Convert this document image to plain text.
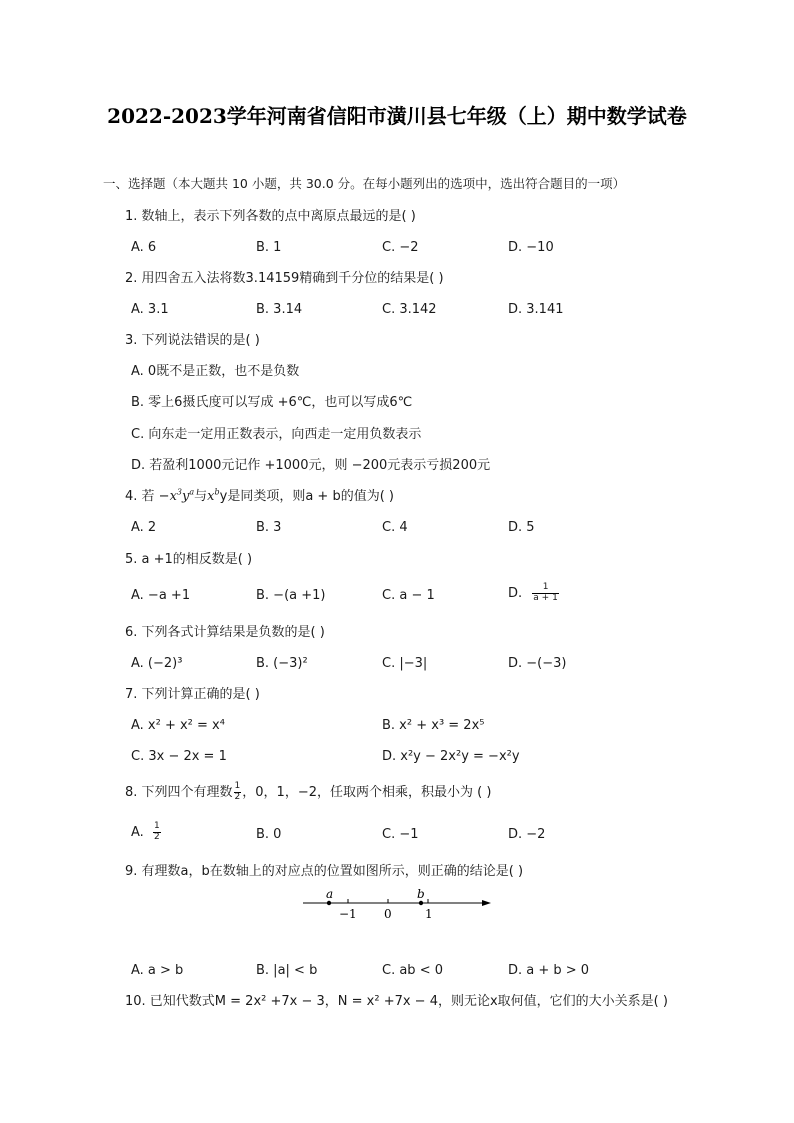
2022-2023学年河南省信阳市潢川县七年级（上）期中数学试卷
一、选择题（本大题共 10 小题，共 30.0 分。在每小题列出的选项中，选出符合题目的一项）
1. 数轴上，表示下列各数的点中离原点最远的是( )
A. 6	B. 1	C. −2	D. −10
2. 用四舍五入法将数3.14159精确到千分位的结果是( )
A. 3.1	B. 3.14	C. 3.142	D. 3.141
3. 下列说法错误的是( )
A. 0既不是正数，也不是负数
B. 零上6摄氏度可以写成 +6℃，也可以写成6℃
C. 向东走一定用正数表示，向西走一定用负数表示
D. 若盈利1000元记作 +1000元，则 −200元表示亏损200元
4. 若 $-x^3y^a$与$x^by$是同类项，则a + b的值为( )
A. 2	B. 3	C. 4	D. 5
5. a +1的相反数是( )
A. −a +1	B. −(a +1)	C. a − 1	D. $\frac{1}{a + 1}$
6. 下列各式计算结果是负数的是( )
A. (−2)³	B. (−3)²	C. |−3|	D. −(−3)
7. 下列计算正确的是( )
A. x² + x² = x⁴	B. x² + x³ = 2x⁵
C. 3x − 2x = 1	D. x²y − 2x²y = −x²y
8. 下列四个有理数 $\frac{1}{2}$ ，0，1，−2，任取两个相乘，积最小为 ( )
A. $\frac{1}{2}$	B. 0	C. −1	D. −2
9. 有理数a，b在数轴上的对应点的位置如图所示，则正确的结论是( )
a	b
−1 0	1
A. a > b	B. |a| < b	C. ab < 0	D. a + b > 0
10. 已知代数式M = 2x² +7x − 3，N = x² +7x − 4，则无论x取何值，它们的大小关系是( )
